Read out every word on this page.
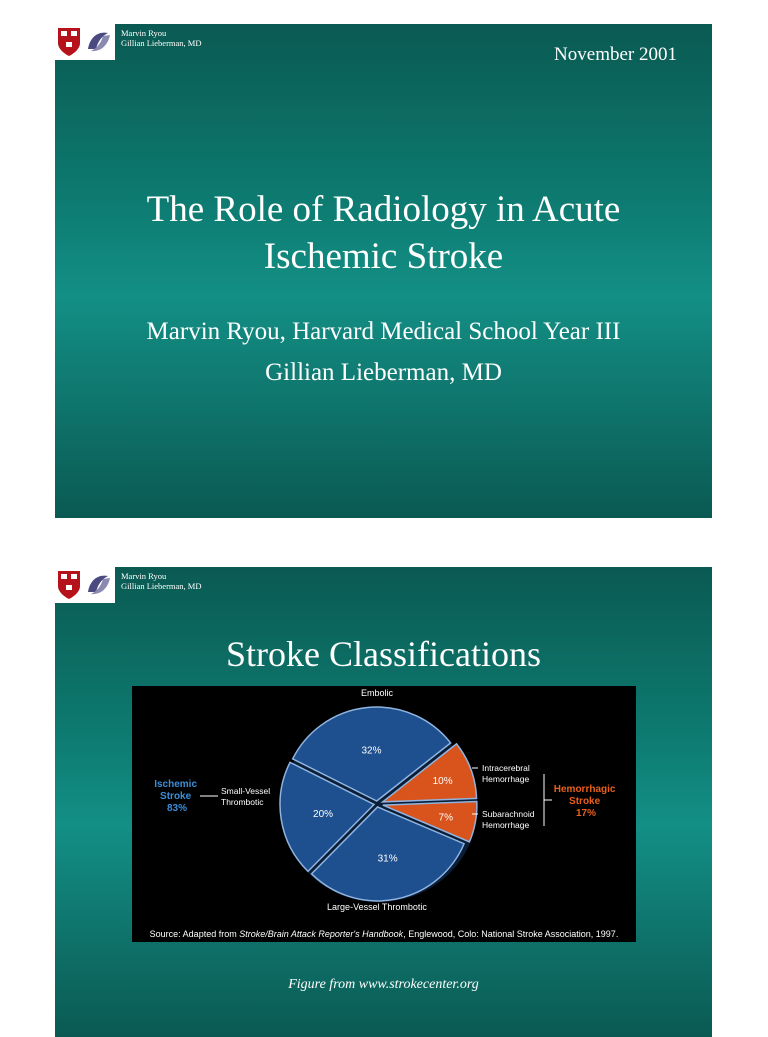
Marvin Ryou
Gillian Lieberman, MD
November 2001
The Role of Radiology in Acute
Ischemic Stroke
Marvin Ryou, Harvard Medical School Year III
Gillian Lieberman, MD
Marvin Ryou
Gillian Lieberman, MD
Stroke Classifications
32%
10%
7%
31%
20%
Embolic
Intracerebral Hemorrhage
Subarachnoid Hemorrhage
Large-Vessel Thrombotic
Small-Vessel Thrombotic
Ischemic Stroke 83%
Hemorrhagic Stroke 17%
Source: Adapted from Stroke/Brain Attack Reporter's Handbook, Englewood, Colo: National Stroke Association, 1997.
Figure from www.strokecenter.org
